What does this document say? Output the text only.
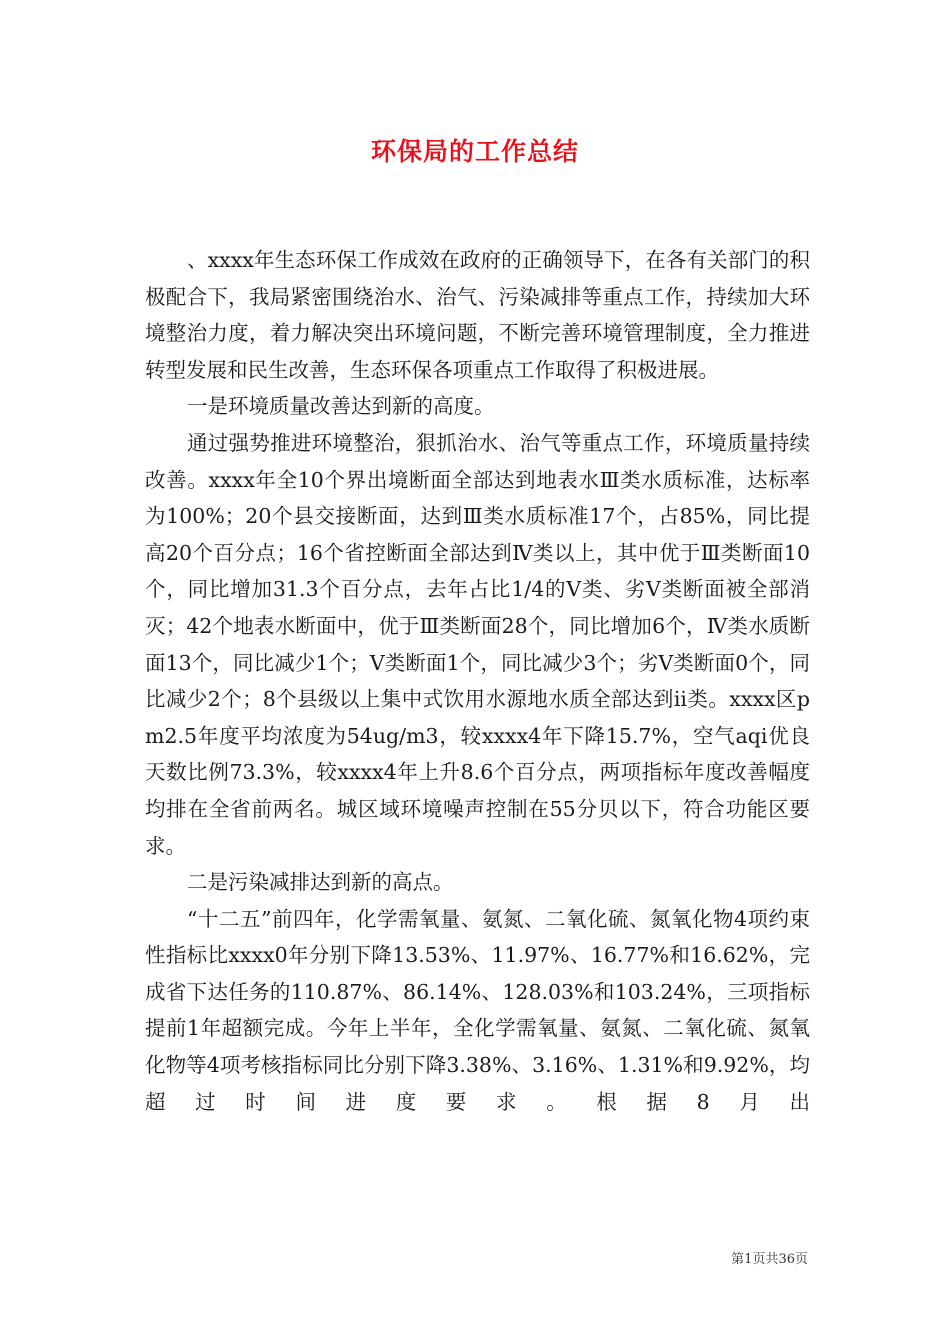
环保局的工作总结

、xxxx年生态环保工作成效在政府的正确领导下，在各有关部门的积极配合下，我局紧密围绕治水、治气、污染减排等重点工作，持续加大环境整治力度，着力解决突出环境问题，不断完善环境管理制度，全力推进转型发展和民生改善，生态环保各项重点工作取得了积极进展。

一是环境质量改善达到新的高度。

通过强势推进环境整治，狠抓治水、治气等重点工作，环境质量持续改善。xxxx年全10个界出境断面全部达到地表水Ⅲ类水质标准，达标率为100%；20个县交接断面，达到Ⅲ类水质标准17个，占85%，同比提高20个百分点；16个省控断面全部达到Ⅳ类以上，其中优于Ⅲ类断面10个，同比增加31.3个百分点，去年占比1/4的Ⅴ类、劣Ⅴ类断面被全部消灭；42个地表水断面中，优于Ⅲ类断面28个，同比增加6个，Ⅳ类水质断面13个，同比减少1个；Ⅴ类断面1个，同比减少3个；劣Ⅴ类断面0个，同比减少2个；8个县级以上集中式饮用水源地水质全部达到ii类。xxxx区pm2.5年度平均浓度为54ug/m3，较xxxx4年下降15.7%，空气aqi优良天数比例73.3%，较xxxx4年上升8.6个百分点，两项指标年度改善幅度均排在全省前两名。城区域环境噪声控制在55分贝以下，符合功能区要求。

二是污染减排达到新的高点。

“十二五”前四年，化学需氧量、氨氮、二氧化硫、氮氧化物4项约束性指标比xxxx0年分别下降13.53%、11.97%、16.77%和16.62%，完成省下达任务的110.87%、86.14%、128.03%和103.24%，三项指标提前1年超额完成。今年上半年，全化学需氧量、氨氮、二氧化硫、氮氧化物等4项考核指标同比分别下降3.38%、3.16%、1.31%和9.92%，均超过时间进度要求。根据8月出

第1页共36页
